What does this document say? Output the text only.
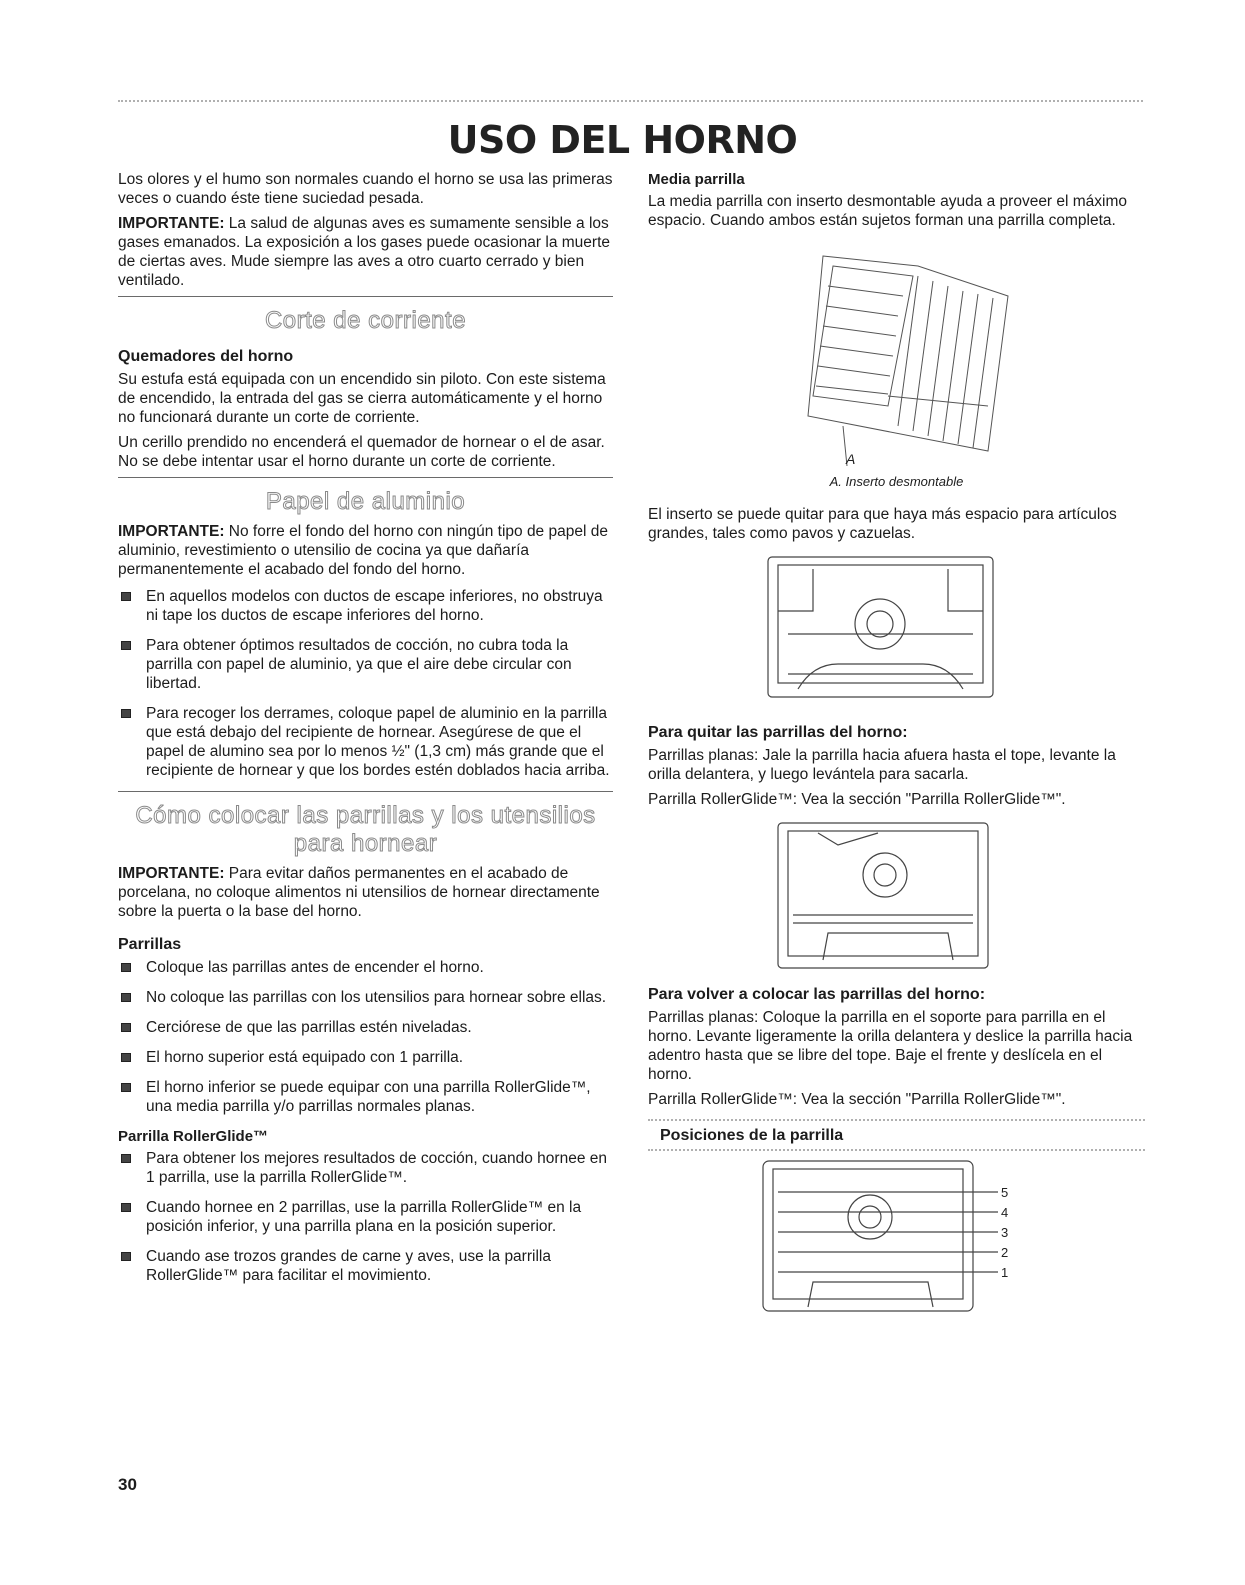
USO DEL HORNO

Los olores y el humo son normales cuando el horno se usa las primeras veces o cuando éste tiene suciedad pesada.

IMPORTANTE: La salud de algunas aves es sumamente sensible a los gases emanados. La exposición a los gases puede ocasionar la muerte de ciertas aves. Mude siempre las aves a otro cuarto cerrado y bien ventilado.

Corte de corriente
Quemadores del horno

Su estufa está equipada con un encendido sin piloto. Con este sistema de encendido, la entrada del gas se cierra automáticamente y el horno no funcionará durante un corte de corriente.

Un cerillo prendido no encenderá el quemador de hornear o el de asar. No se debe intentar usar el horno durante un corte de corriente.

Papel de aluminio

IMPORTANTE: No forre el fondo del horno con ningún tipo de papel de aluminio, revestimiento o utensilio de cocina ya que dañaría permanentemente el acabado del fondo del horno.

En aquellos modelos con ductos de escape inferiores, no obstruya ni tape los ductos de escape inferiores del horno.
Para obtener óptimos resultados de cocción, no cubra toda la parrilla con papel de aluminio, ya que el aire debe circular con libertad.
Para recoger los derrames, coloque papel de aluminio en la parrilla que está debajo del recipiente de hornear. Asegúrese de que el papel de alumino sea por lo menos ½" (1,3 cm) más grande que el recipiente de hornear y que los bordes estén doblados hacia arriba.
Cómo colocar las parrillas y los utensilios
para hornear

IMPORTANTE: Para evitar daños permanentes en el acabado de porcelana, no coloque alimentos ni utensilios de hornear directamente sobre la puerta o la base del horno.

Parrillas
Coloque las parrillas antes de encender el horno.
No coloque las parrillas con los utensilios para hornear sobre ellas.
Cerciórese de que las parrillas estén niveladas.
El horno superior está equipado con 1 parrilla.
El horno inferior se puede equipar con una parrilla RollerGlide™, una media parrilla y/o parrillas normales planas.
Parrilla RollerGlide™
Para obtener los mejores resultados de cocción, cuando hornee en 1 parrilla, use la parrilla RollerGlide™.
Cuando hornee en 2 parrillas, use la parrilla RollerGlide™ en la posición inferior, y una parrilla plana en la posición superior.
Cuando ase trozos grandes de carne y aves, use la parrilla RollerGlide™ para facilitar el movimiento.
Media parrilla

La media parrilla con inserto desmontable ayuda a proveer el máximo espacio. Cuando ambos están sujetos forman una parrilla completa.

A

A. Inserto desmontable

El inserto se puede quitar para que haya más espacio para artículos grandes, tales como pavos y cazuelas.

Para quitar las parrillas del horno:

Parrillas planas: Jale la parrilla hacia afuera hasta el tope, levante la orilla delantera, y luego levántela para sacarla.

Parrilla RollerGlide™: Vea la sección "Parrilla RollerGlide™".

Para volver a colocar las parrillas del horno:

Parrillas planas: Coloque la parrilla en el soporte para parrilla en el horno. Levante ligeramente la orilla delantera y deslice la parrilla hacia adentro hasta que se libre del tope. Baje el frente y deslícela en el horno.

Parrilla RollerGlide™: Vea la sección "Parrilla RollerGlide™".

Posiciones de la parrilla
5
4
3
2
1
30
